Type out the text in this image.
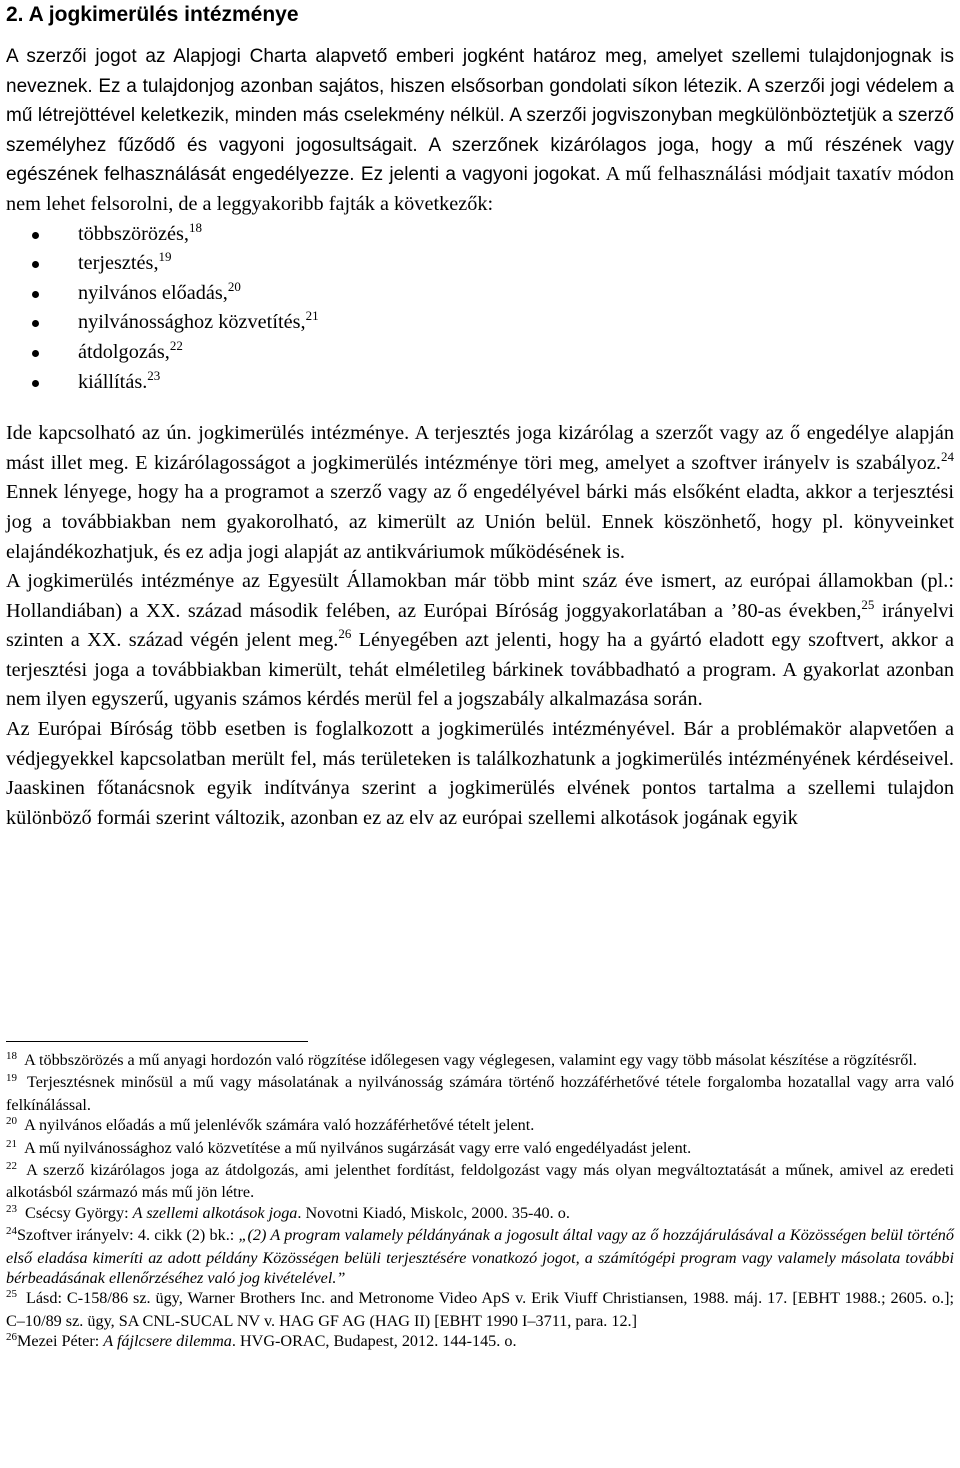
2. A jogkimerülés intézménye

A szerzői jogot az Alapjogi Charta alapvető emberi jogként határoz meg, amelyet szellemi tulajdonjognak is neveznek. Ez a tulajdonjog azonban sajátos, hiszen elsősorban gondolati síkon létezik. A szerzői jogi védelem a mű létrejöttével keletkezik, minden más cselekmény nélkül. A szerzői jogviszonyban megkülönböztetjük a szerző személyhez fűződő és vagyoni jogosultságait. A szerzőnek kizárólagos joga, hogy a mű részének vagy egészének felhasználását engedélyezze. Ez jelenti a vagyoni jogokat. A mű felhasználási módjait taxatív módon nem lehet felsorolni, de a leggyakoribb fajták a következők:

többszörözés,$^{18}$
terjesztés,$^{19}$
nyilvános előadás,$^{20}$
nyilvánossághoz közvetítés,$^{21}$
átdolgozás,$^{22}$
kiállítás.$^{23}$

Ide kapcsolható az ún. jogkimerülés intézménye. A terjesztés joga kizárólag a szerzőt vagy az ő engedélye alapján mást illet meg. E kizárólagosságot a jogkimerülés intézménye töri meg, amelyet a szoftver irányelv is szabályoz.$^{24}$ Ennek lényege, hogy ha a programot a szerző vagy az ő engedélyével bárki más elsőként eladta, akkor a terjesztési jog a továbbiakban nem gyakorolható, az kimerült az Unión belül. Ennek köszönhető, hogy pl. könyveinket elajándékozhatjuk, és ez adja jogi alapját az antikváriumok működésének is.

A jogkimerülés intézménye az Egyesült Államokban már több mint száz éve ismert, az európai államokban (pl.: Hollandiában) a XX. század második felében, az Európai Bíróság joggyakorlatában a ’80-as években,$^{25}$ irányelvi szinten a XX. század végén jelent meg.$^{26}$ Lényegében azt jelenti, hogy ha a gyártó eladott egy szoftvert, akkor a terjesztési joga a továbbiakban kimerült, tehát elméletileg bárkinek továbbadható a program. A gyakorlat azonban nem ilyen egyszerű, ugyanis számos kérdés merül fel a jogszabály alkalmazása során.

Az Európai Bíróság több esetben is foglalkozott a jogkimerülés intézményével. Bár a problémakör alapvetően a védjegyekkel kapcsolatban merült fel, más területeken is találkozhatunk a jogkimerülés intézményének kérdéseivel. Jaaskinen főtanácsnok egyik indítványa szerint a jogkimerülés elvének pontos tartalma a szellemi tulajdon különböző formái szerint változik, azonban ez az elv az európai szellemi alkotások jogának egyik

$^{18}$ A többszörözés a mű anyagi hordozón való rögzítése időlegesen vagy véglegesen, valamint egy vagy több másolat készítése a rögzítésről.

$^{19}$ Terjesztésnek minősül a mű vagy másolatának a nyilvánosság számára történő hozzáférhetővé tétele forgalomba hozatallal vagy arra való felkínálással.

$^{20}$ A nyilvános előadás a mű jelenlévők számára való hozzáférhetővé tételt jelent.

$^{21}$ A mű nyilvánossághoz való közvetítése a mű nyilvános sugárzását vagy erre való engedélyadást jelent.

$^{22}$ A szerző kizárólagos joga az átdolgozás, ami jelenthet fordítást, feldolgozást vagy más olyan megváltoztatását a műnek, amivel az eredeti alkotásból származó más mű jön létre.

$^{23}$ Csécsy György: A szellemi alkotások joga. Novotni Kiadó, Miskolc, 2000. 35-40. o.

$^{24}$Szoftver irányelv: 4. cikk (2) bk.: „(2) A program valamely példányának a jogosult által vagy az ő hozzájárulásával a Közösségen belül történő első eladása kimeríti az adott példány Közösségen belüli terjesztésére vonatkozó jogot, a számítógépi program vagy valamely másolata további bérbeadásának ellenőrzéséhez való jog kivételével.”

$^{25}$ Lásd: C-158/86 sz. ügy, Warner Brothers Inc. and Metronome Video ApS v. Erik Viuff Christiansen, 1988. máj. 17. [EBHT 1988.; 2605. o.]; C–10/89 sz. ügy, SA CNL-SUCAL NV v. HAG GF AG (HAG II) [EBHT 1990 I–3711, para. 12.]

$^{26}$Mezei Péter: A fájlcsere dilemma. HVG-ORAC, Budapest, 2012. 144-145. o.
